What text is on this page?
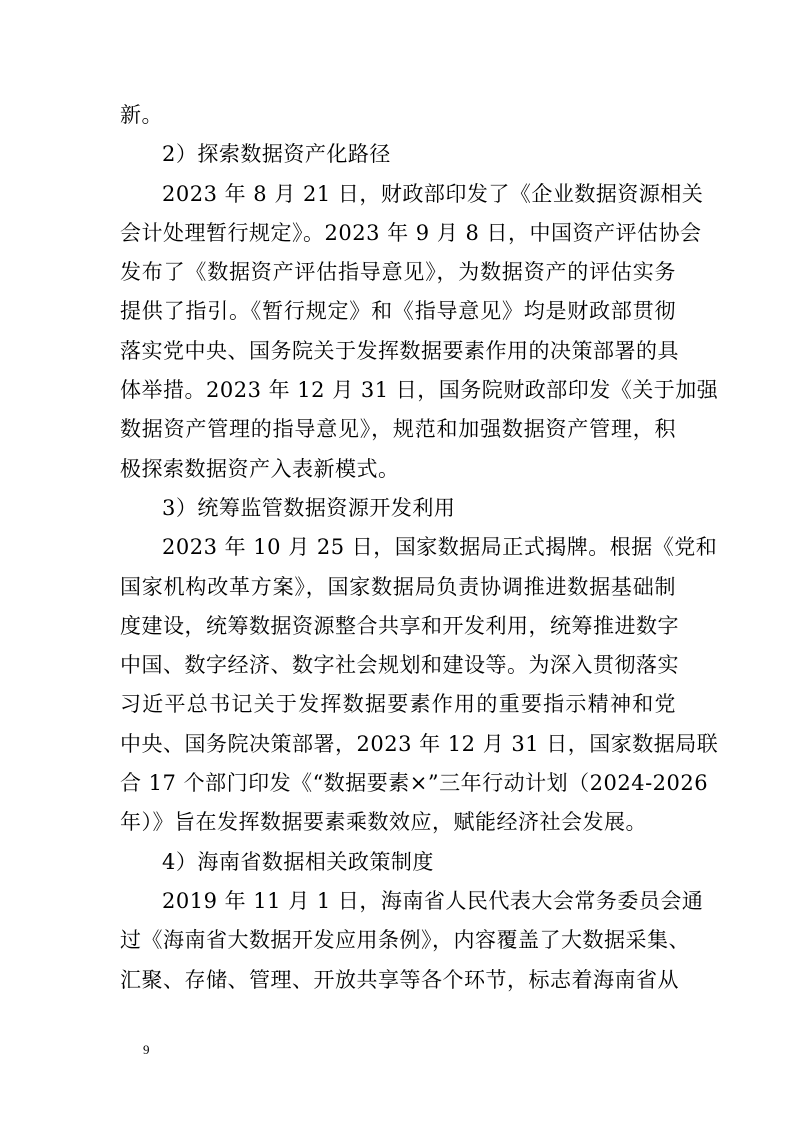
新。
2）探索数据资产化路径
2023 年 8 月 21 日，财政部印发了《企业数据资源相关
会计处理暂行规定》。2023 年 9 月 8 日，中国资产评估协会
发布了《数据资产评估指导意见》，为数据资产的评估实务
提供了指引。《暂行规定》和《指导意见》均是财政部贯彻
落实党中央、国务院关于发挥数据要素作用的决策部署的具
体举措。2023 年 12 月 31 日，国务院财政部印发《关于加强
数据资产管理的指导意见》，规范和加强数据资产管理，积
极探索数据资产入表新模式。
3）统筹监管数据资源开发利用
2023 年 10 月 25 日，国家数据局正式揭牌。根据《党和
国家机构改革方案》，国家数据局负责协调推进数据基础制
度建设，统筹数据资源整合共享和开发利用，统筹推进数字
中国、数字经济、数字社会规划和建设等。为深入贯彻落实
习近平总书记关于发挥数据要素作用的重要指示精神和党
中央、国务院决策部署，2023 年 12 月 31 日，国家数据局联
合 17 个部门印发《“数据要素×”三年行动计划（2024-2026
年）》旨在发挥数据要素乘数效应，赋能经济社会发展。
4）海南省数据相关政策制度
2019 年 11 月 1 日，海南省人民代表大会常务委员会通
过《海南省大数据开发应用条例》，内容覆盖了大数据采集、
汇聚、存储、管理、开放共享等各个环节，标志着海南省从
9
